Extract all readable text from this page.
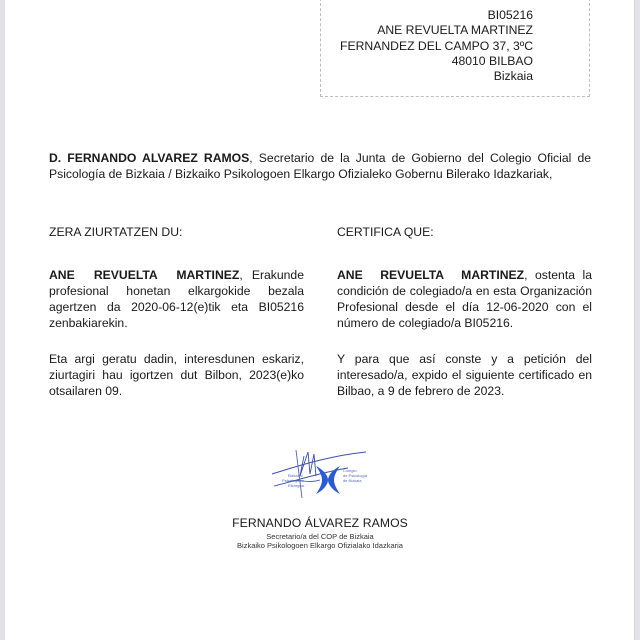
BI05216
ANE REVUELTA MARTINEZ
FERNANDEZ DEL CAMPO 37, 3ºC
48010 BILBAO
Bizkaia
D. FERNANDO ALVAREZ RAMOS, Secretario de la Junta de Gobierno del Colegio Oficial de Psicología de Bizkaia / Bizkaiko Psikologoen Elkargo Ofizialeko Gobernu Bilerako Idazkariak,
ZERA ZIURTATZEN DU:	CERTIFICA QUE:
ANE REVUELTA MARTINEZ, Erakunde profesional honetan elkargokide bezala agertzen da 2020-06-12(e)tik eta BI05216 zenbakiarekin.
ANE REVUELTA MARTINEZ, ostenta la condición de colegiado/a en esta Organización Profesional desde el día 12-06-2020 con el número de colegiado/a BI05216.
Eta argi geratu dadin, interesdunen eskariz, ziurtagiri hau igortzen dut Bilbon, 2023(e)ko otsailaren 09.
Y para que así conste y a petición del interesado/a, expido el siguiente certificado en Bilbao, a 9 de febrero de 2023.
Colegio
de Psicología
de Bizkaia
Bizkaiko
Psikologoen
Elkargoa
FERNANDO ÁLVAREZ RAMOS
Secretario/a del COP de Bizkaia
Bizkaiko Psikologoen Elkargo Ofizialako Idazkaria
